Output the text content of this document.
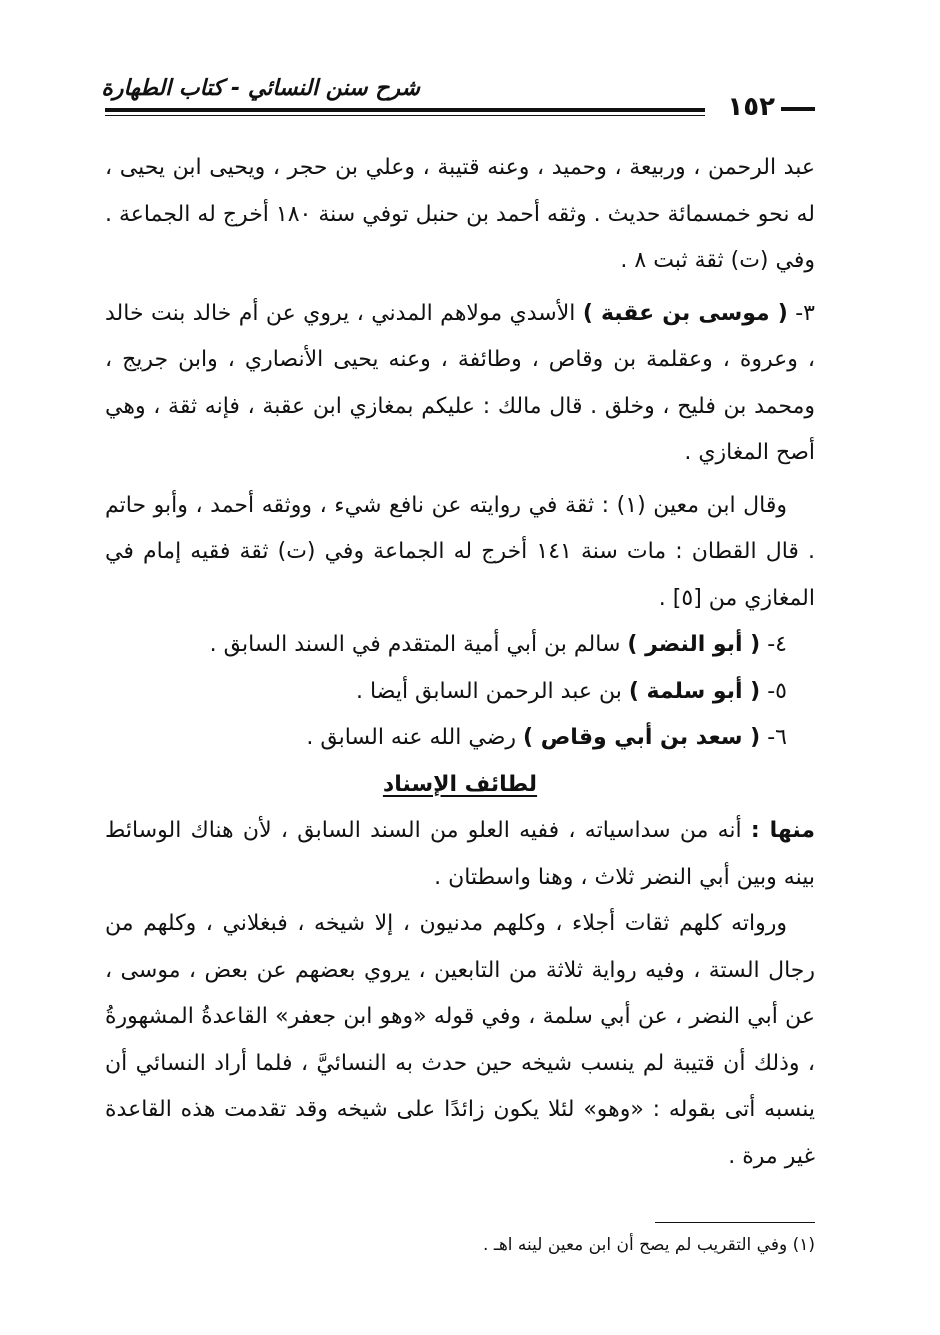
شرح سنن النسائي - كتاب الطهارة
١٥٢

عبد الرحمن ، وربيعة ، وحميد ، وعنه قتيبة ، وعلي بن حجر ، ويحيى ابن يحيى ، له نحو خمسمائة حديث . وثقه أحمد بن حنبل توفي سنة ١٨٠ أخرج له الجماعة . وفي (ت) ثقة ثبت ٨ .

٣- ( موسى بن عقبة ) الأسدي مولاهم المدني ، يروي عن أم خالد بنت خالد ، وعروة ، وعقلمة بن وقاص ، وطائفة ، وعنه يحيى الأنصاري ، وابن جريج ، ومحمد بن فليح ، وخلق . قال مالك : عليكم بمغازي ابن عقبة ، فإنه ثقة ، وهي أصح المغازي .

وقال ابن معين (١) : ثقة في روايته عن نافع شيء ، ووثقه أحمد ، وأبو حاتم . قال القطان : مات سنة ١٤١ أخرج له الجماعة وفي (ت) ثقة فقيه إمام في المغازي من [٥] .

٤- ( أبو النضر ) سالم بن أبي أمية المتقدم في السند السابق .

٥- ( أبو سلمة ) بن عبد الرحمن السابق أيضا .

٦- ( سعد بن أبي وقاص ) رضي الله عنه السابق .

لطائف الإسناد

منها : أنه من سداسياته ، ففيه العلو من السند السابق ، لأن هناك الوسائط بينه وبين أبي النضر ثلاث ، وهنا واسطتان .

ورواته كلهم ثقات أجلاء ، وكلهم مدنيون ، إلا شيخه ، فبغلاني ، وكلهم من رجال الستة ، وفيه رواية ثلاثة من التابعين ، يروي بعضهم عن بعض ، موسى ، عن أبي النضر ، عن أبي سلمة ، وفي قوله «وهو ابن جعفر» القاعدةُ المشهورةُ ، وذلك أن قتيبة لم ينسب شيخه حين حدث به النسائيَّ ، فلما أراد النسائي أن ينسبه أتى بقوله : «وهو» لئلا يكون زائدًا على شيخه وقد تقدمت هذه القاعدة غير مرة .

(١) وفي التقريب لم يصح أن ابن معين لينه اهـ .
